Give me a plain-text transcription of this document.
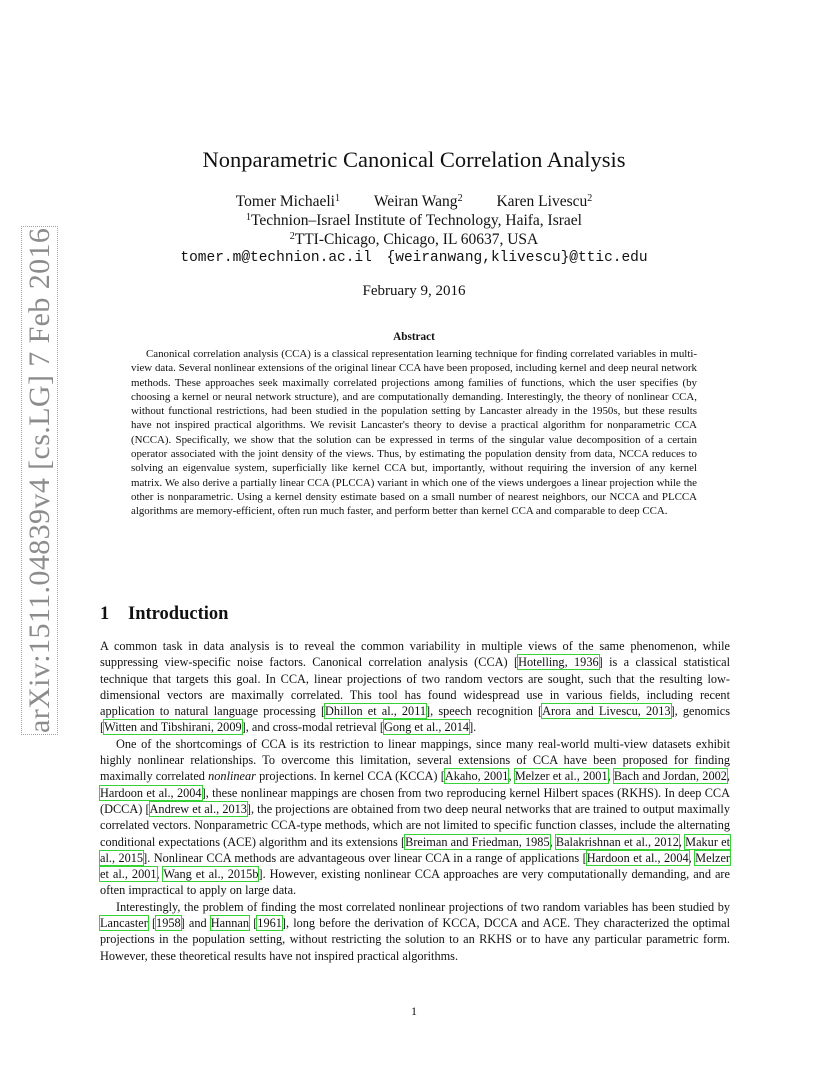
arXiv:1511.04839v4 [cs.LG] 7 Feb 2016
Nonparametric Canonical Correlation Analysis
Tomer Michaeli$^1$ Weiran Wang$^2$ Karen Livescu$^2$
$^1$Technion–Israel Institute of Technology, Haifa, Israel
$^2$TTI-Chicago, Chicago, IL 60637, USA
tomer.m@technion.ac.il {weiranwang,klivescu}@ttic.edu
February 9, 2016
Abstract

Canonical correlation analysis (CCA) is a classical representation learning technique for finding correlated variables in multi-view data. Several nonlinear extensions of the original linear CCA have been proposed, including kernel and deep neural network methods. These approaches seek maximally correlated projections among families of functions, which the user specifies (by choosing a kernel or neural network structure), and are computationally demanding. Interestingly, the theory of nonlinear CCA, without functional restrictions, had been studied in the population setting by Lancaster already in the 1950s, but these results have not inspired practical algorithms. We revisit Lancaster's theory to devise a practical algorithm for nonparametric CCA (NCCA). Specifically, we show that the solution can be expressed in terms of the singular value decomposition of a certain operator associated with the joint density of the views. Thus, by estimating the population density from data, NCCA reduces to solving an eigenvalue system, superficially like kernel CCA but, importantly, without requiring the inversion of any kernel matrix. We also derive a partially linear CCA (PLCCA) variant in which one of the views undergoes a linear projection while the other is nonparametric. Using a kernel density estimate based on a small number of nearest neighbors, our NCCA and PLCCA algorithms are memory-efficient, often run much faster, and perform better than kernel CCA and comparable to deep CCA.

1 Introduction

A common task in data analysis is to reveal the common variability in multiple views of the same phenomenon, while suppressing view-specific noise factors. Canonical correlation analysis (CCA) [Hotelling, 1936] is a classical statistical technique that targets this goal. In CCA, linear projections of two random vectors are sought, such that the resulting low-dimensional vectors are maximally correlated. This tool has found widespread use in various fields, including recent application to natural language processing [Dhillon et al., 2011], speech recognition [Arora and Livescu, 2013], genomics [Witten and Tibshirani, 2009], and cross-modal retrieval [Gong et al., 2014].

One of the shortcomings of CCA is its restriction to linear mappings, since many real-world multi-view datasets exhibit highly nonlinear relationships. To overcome this limitation, several extensions of CCA have been proposed for finding maximally correlated nonlinear projections. In kernel CCA (KCCA) [Akaho, 2001, Melzer et al., 2001, Bach and Jordan, 2002, Hardoon et al., 2004], these nonlinear mappings are chosen from two reproducing kernel Hilbert spaces (RKHS). In deep CCA (DCCA) [Andrew et al., 2013], the projections are obtained from two deep neural networks that are trained to output maximally correlated vectors. Nonparametric CCA-type methods, which are not limited to specific function classes, include the alternating conditional expectations (ACE) algorithm and its extensions [Breiman and Friedman, 1985, Balakrishnan et al., 2012, Makur et al., 2015]. Nonlinear CCA methods are advantageous over linear CCA in a range of applications [Hardoon et al., 2004, Melzer et al., 2001, Wang et al., 2015b]. However, existing nonlinear CCA approaches are very computationally demanding, and are often impractical to apply on large data.

Interestingly, the problem of finding the most correlated nonlinear projections of two random variables has been studied by Lancaster [1958] and Hannan [1961], long before the derivation of KCCA, DCCA and ACE. They characterized the optimal projections in the population setting, without restricting the solution to an RKHS or to have any particular parametric form. However, these theoretical results have not inspired practical algorithms.

1
